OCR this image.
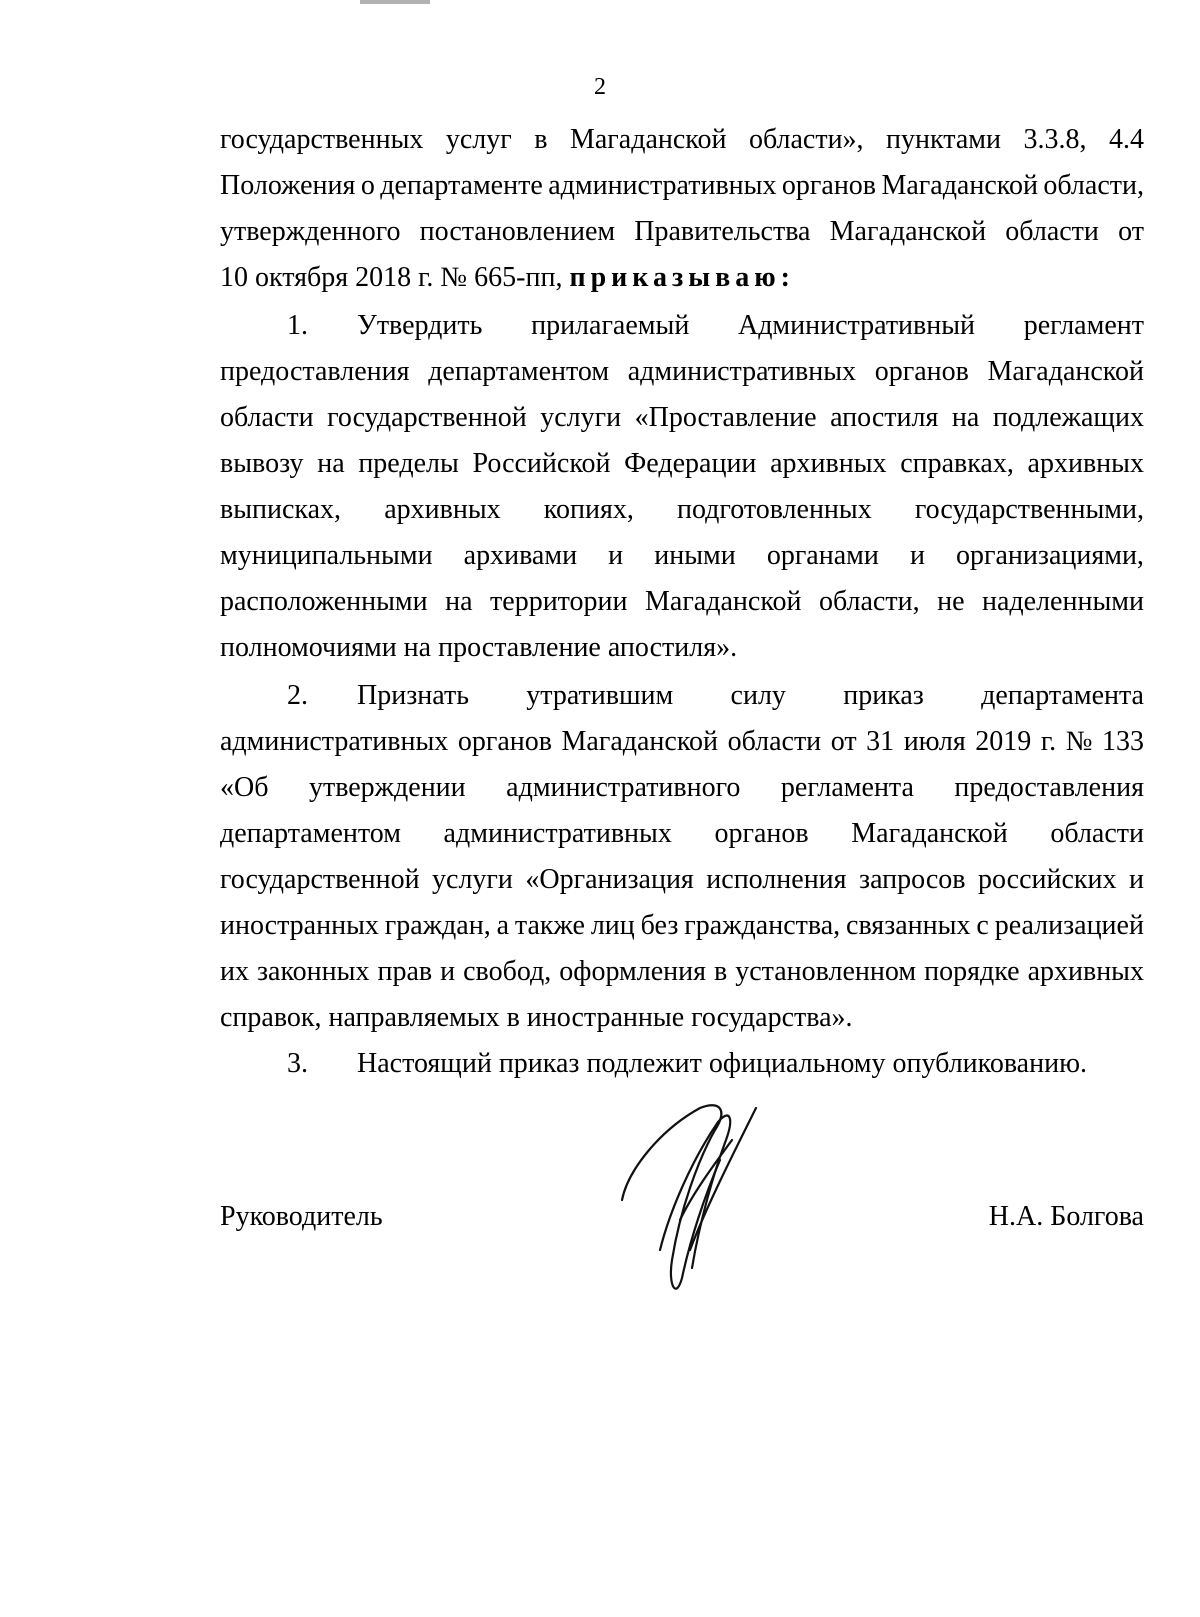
2
государственных услуг в Магаданской области», пунктами 3.3.8, 4.4
Положения о департаменте административных органов Магаданской области,
утвержденного постановлением Правительства Магаданской области от
10 октября 2018 г. № 665-пп, приказываю:
1.	Утвердить прилагаемый Административный регламент
предоставления департаментом административных органов Магаданской
области государственной услуги «Проставление апостиля на подлежащих
вывозу на пределы Российской Федерации архивных справках, архивных
выписках, архивных копиях, подготовленных государственными,
муниципальными архивами и иными органами и организациями,
расположенными на территории Магаданской области, не наделенными
полномочиями на проставление апостиля».
2.	Признать утратившим силу приказ департамента
административных органов Магаданской области от 31 июля 2019 г. № 133
«Об утверждении административного регламента предоставления
департаментом административных органов Магаданской области
государственной услуги «Организация исполнения запросов российских и
иностранных граждан, а также лиц без гражданства, связанных с реализацией
их законных прав и свобод, оформления в установленном порядке архивных
справок, направляемых в иностранные государства».
3. Настоящий приказ подлежит официальному опубликованию.
Руководитель	Н.А. Болгова
